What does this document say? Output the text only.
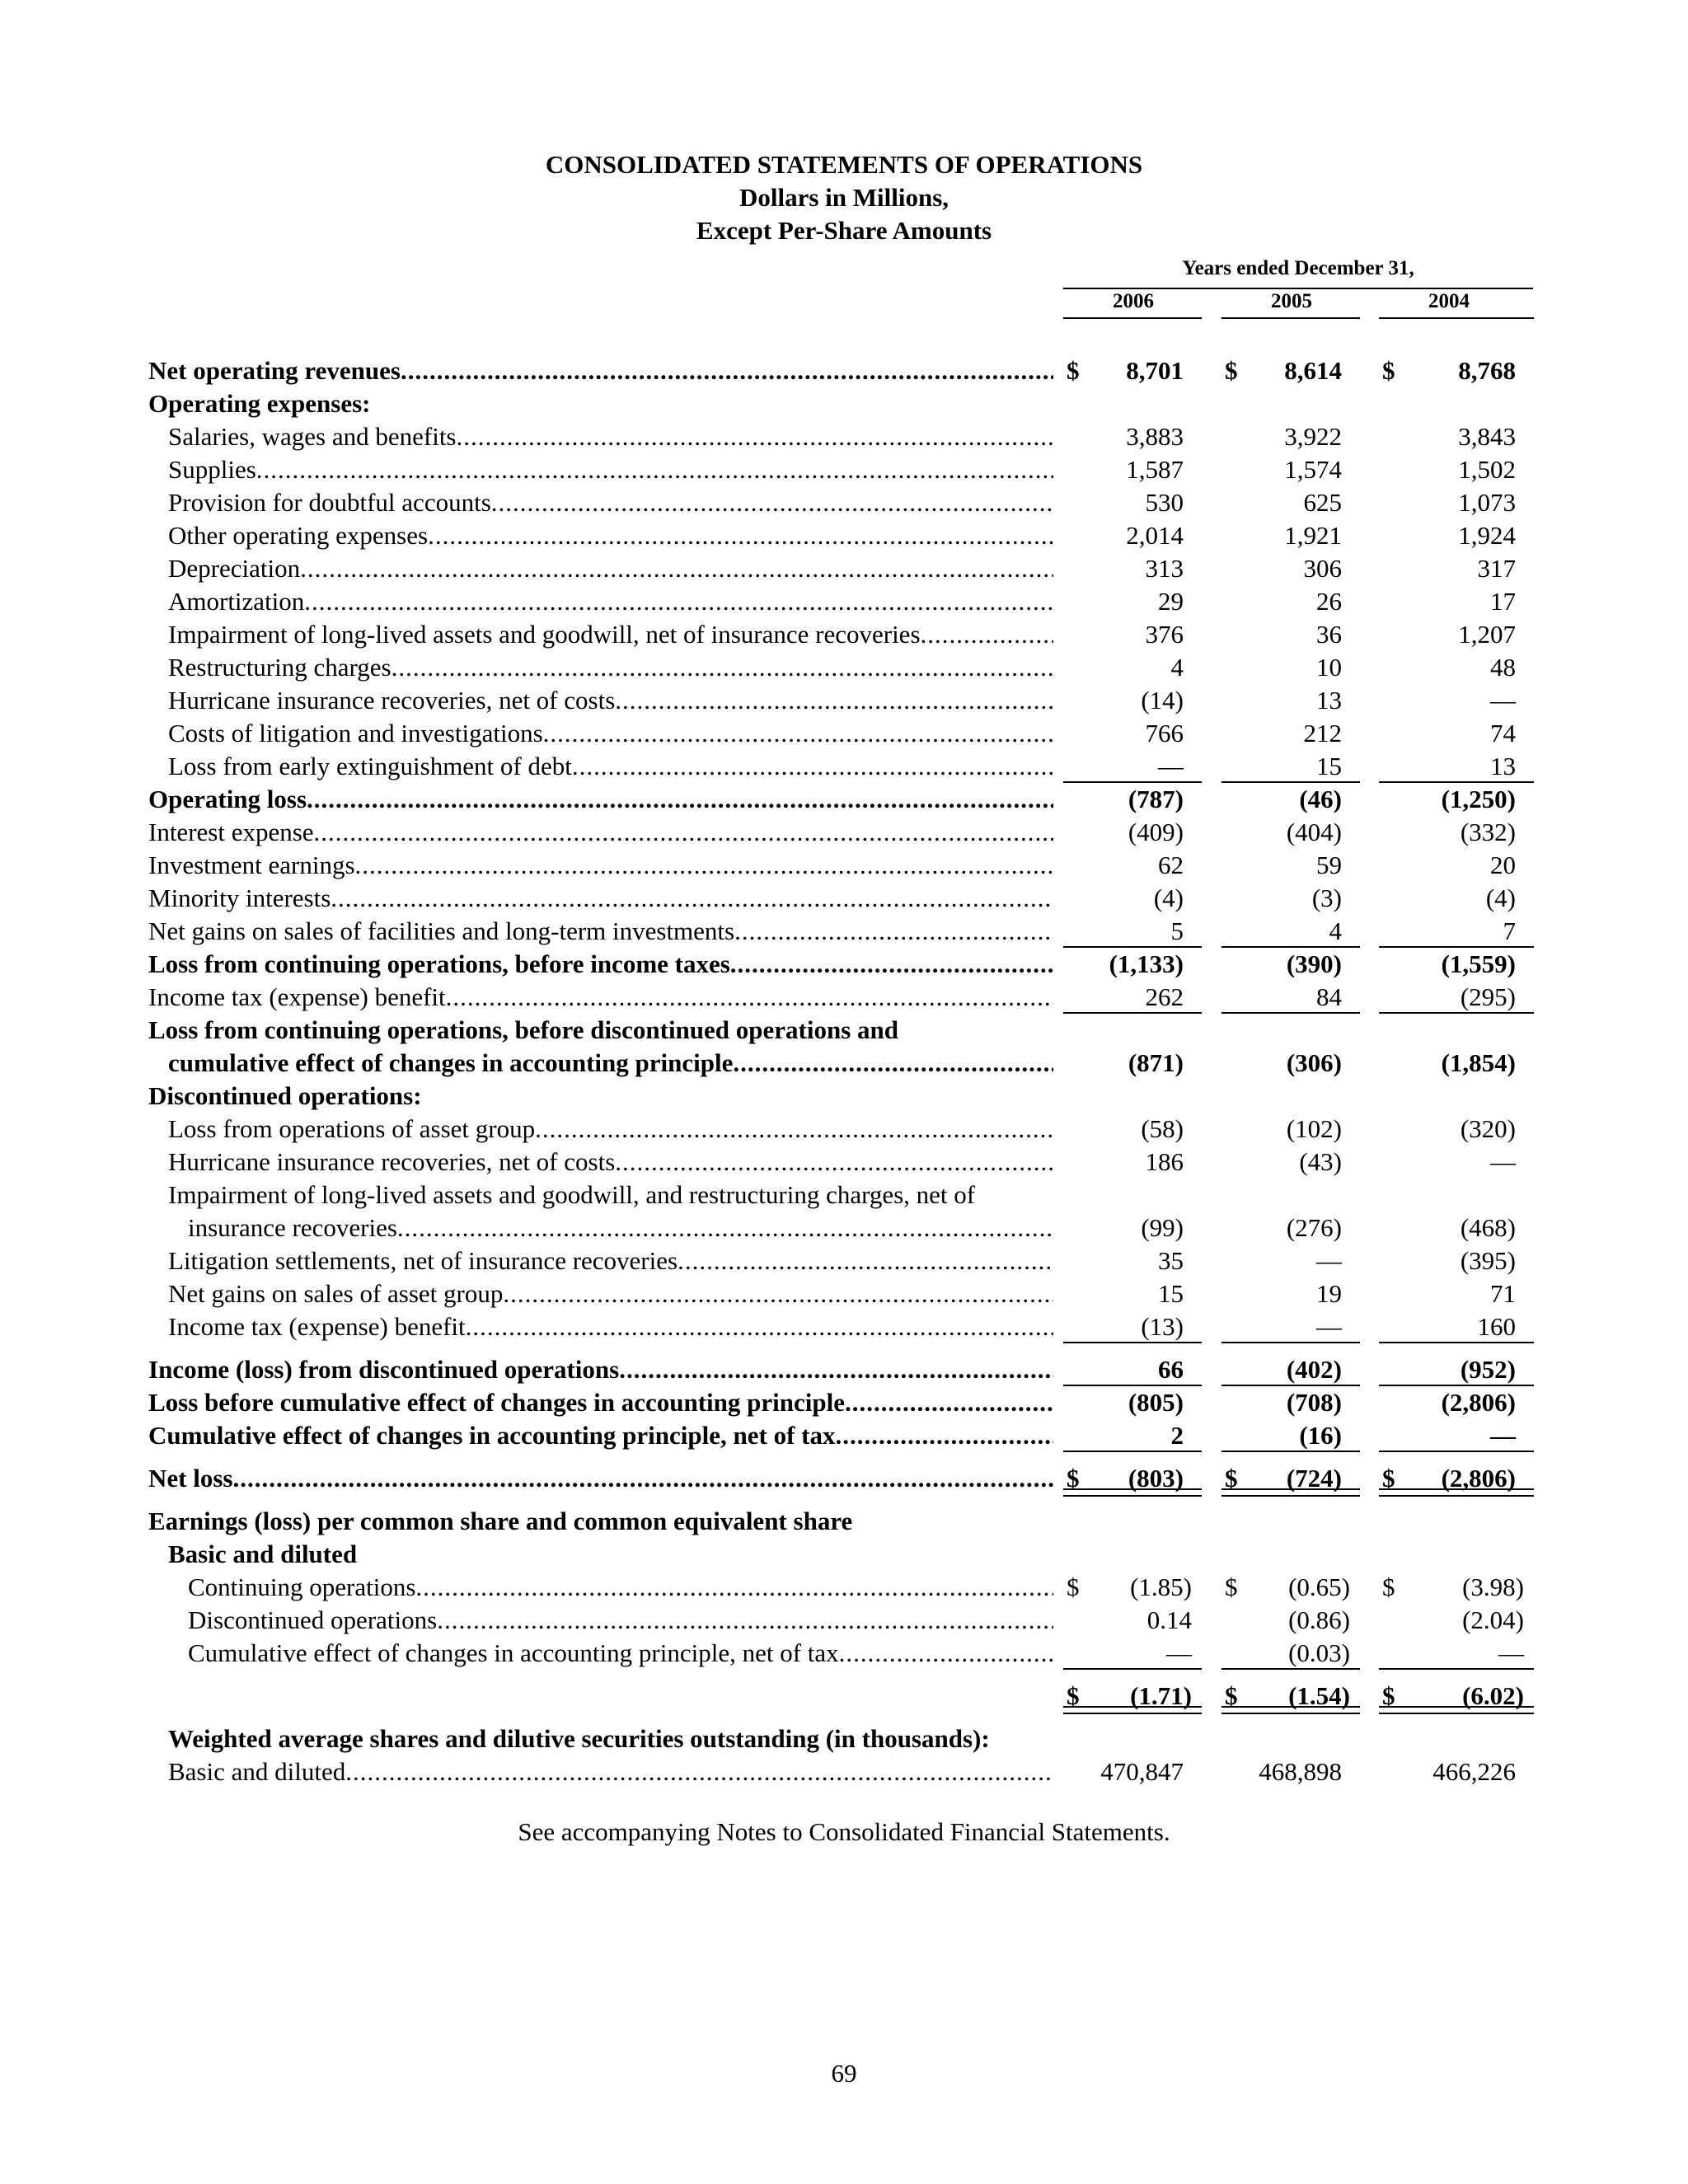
CONSOLIDATED STATEMENTS OF OPERATIONS
Dollars in Millions,
Except Per-Share Amounts
Years ended December 31,
2006	2005	2004
Net operating revenues .....	$ 8,701 $ 8,614 $ 8,768
Operating expenses:
Salaries, wages and benefits .....	3,883	3,922	3,843
Supplies .....	1,587	1,574	1,502
Provision for doubtful accounts .....	530	625	1,073
Other operating expenses .....	2,014	1,921	1,924
Depreciation .....	313	306	317
Amortization .....	29	26	17
Impairment of long-lived assets and goodwill, net of insurance recoveries .....	376	36	1,207
Restructuring charges .....	4	10	48
Hurricane insurance recoveries, net of costs .....	(14)	13	—
Costs of litigation and investigations .....	766	212	74
Loss from early extinguishment of debt .....	—	15	13
Operating loss .....	(787)	(46)	(1,250)
Interest expense .....	(409)	(404)	(332)
Investment earnings .....	62	59	20
Minority interests .....	(4)	(3)	(4)
Net gains on sales of facilities and long-term investments .....	5	4	7
Loss from continuing operations, before income taxes .....	(1,133)	(390)	(1,559)
Income tax (expense) benefit .....	262	84	(295)
Loss from continuing operations, before discontinued operations and
cumulative effect of changes in accounting principle .....	(871)	(306)	(1,854)
Discontinued operations:
Loss from operations of asset group .....	(58)	(102)	(320)
Hurricane insurance recoveries, net of costs .....	186	(43)	—
Impairment of long-lived assets and goodwill, and restructuring charges, net of
insurance recoveries .....	(99)	(276)	(468)
Litigation settlements, net of insurance recoveries .....	35	—	(395)
Net gains on sales of asset group .....	15	19	71
Income tax (expense) benefit .....	(13)	—	160
Income (loss) from discontinued operations .....	66	(402)	(952)
Loss before cumulative effect of changes in accounting principle .....	(805)	(708)	(2,806)
Cumulative effect of changes in accounting principle, net of tax .....	2	(16)	—
Net loss .....	$ (803) $ (724) $ (2,806)
Earnings (loss) per common share and common equivalent share
Basic and diluted
Continuing operations .....	$ (1.85) $ (0.65) $	(3.98)
Discontinued operations .....	0.14	(0.86)	(2.04)
Cumulative effect of changes in accounting principle, net of tax .....	—	(0.03)	—
$ (1.71) $ (1.54) $	(6.02)
Weighted average shares and dilutive securities outstanding (in thousands):
Basic and diluted .....	470,847	468,898	466,226
See accompanying Notes to Consolidated Financial Statements.
69
